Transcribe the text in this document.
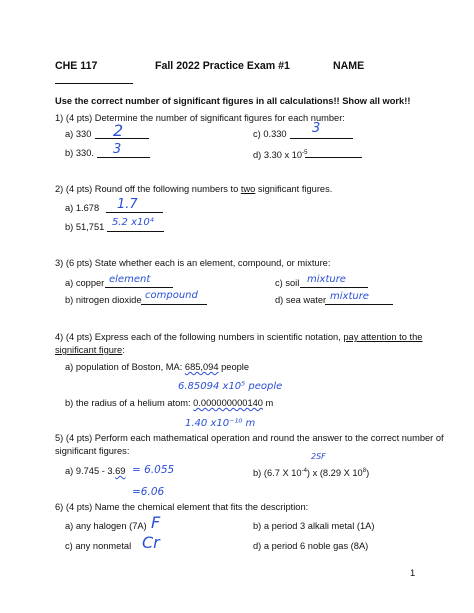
CHE 117	Fall 2022 Practice Exam #1	NAME
Use the correct number of significant figures in all calculations!! Show all work!!
1) (4 pts) Determine the number of significant figures for each number:
a) 330 2	c) 0.330 3
b) 330. 3	d) 3.30 x $10^{-5}$
2) (4 pts) Round off the following numbers to two significant figures.
a) 1.678 1.7
b) 51,751 5.2 x10⁴
3) (6 pts) State whether each is an element, compound, or mixture:
a) copper element	c) soil mixture
b) nitrogen dioxide compound	d) sea water mixture
4) (4 pts) Express each of the following numbers in scientific notation, pay attention to the
significant figure:
a) population of Boston, MA: 685,094 people
6.85094 x10⁵ people
b) the radius of a helium atom: 0.000000000140 m
1.40 x10⁻¹⁰ m
5) (4 pts) Perform each mathematical operation and round the answer to the correct number of
significant figures:
2SF
a) 9.745 - 3.69 = 6.055
=6.06
b) (6.7 X $10^{-4}$) x (8.29 X $10^8$)
6) (4 pts) Name the chemical element that fits the description:
a) any halogen (7A) F	b) a period 3 alkali metal (1A)
c) any nonmetal Cr	d) a period 6 noble gas (8A)
1
